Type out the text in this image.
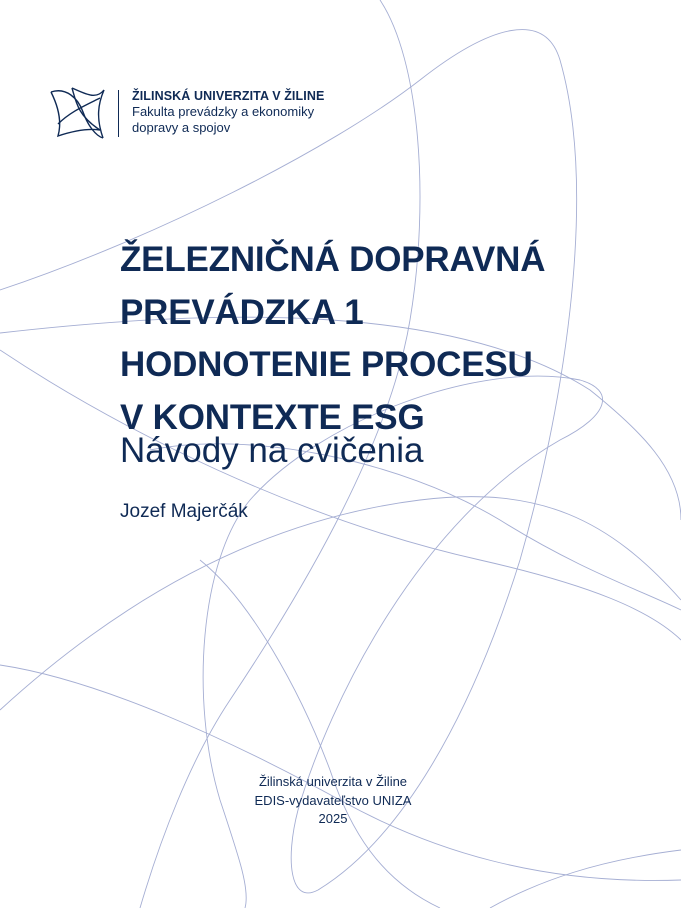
ŽILINSKÁ UNIVERZITA V ŽILINE
Fakulta prevádzky a ekonomiky
dopravy a spojov
ŽELEZNIČNÁ DOPRAVNÁ
PREVÁDZKA 1
HODNOTENIE PROCESU
V KONTEXTE ESG
Návody na cvičenia
Jozef Majerčák
Žilinská univerzita v Žiline
EDIS-vydavateľstvo UNIZA
2025
